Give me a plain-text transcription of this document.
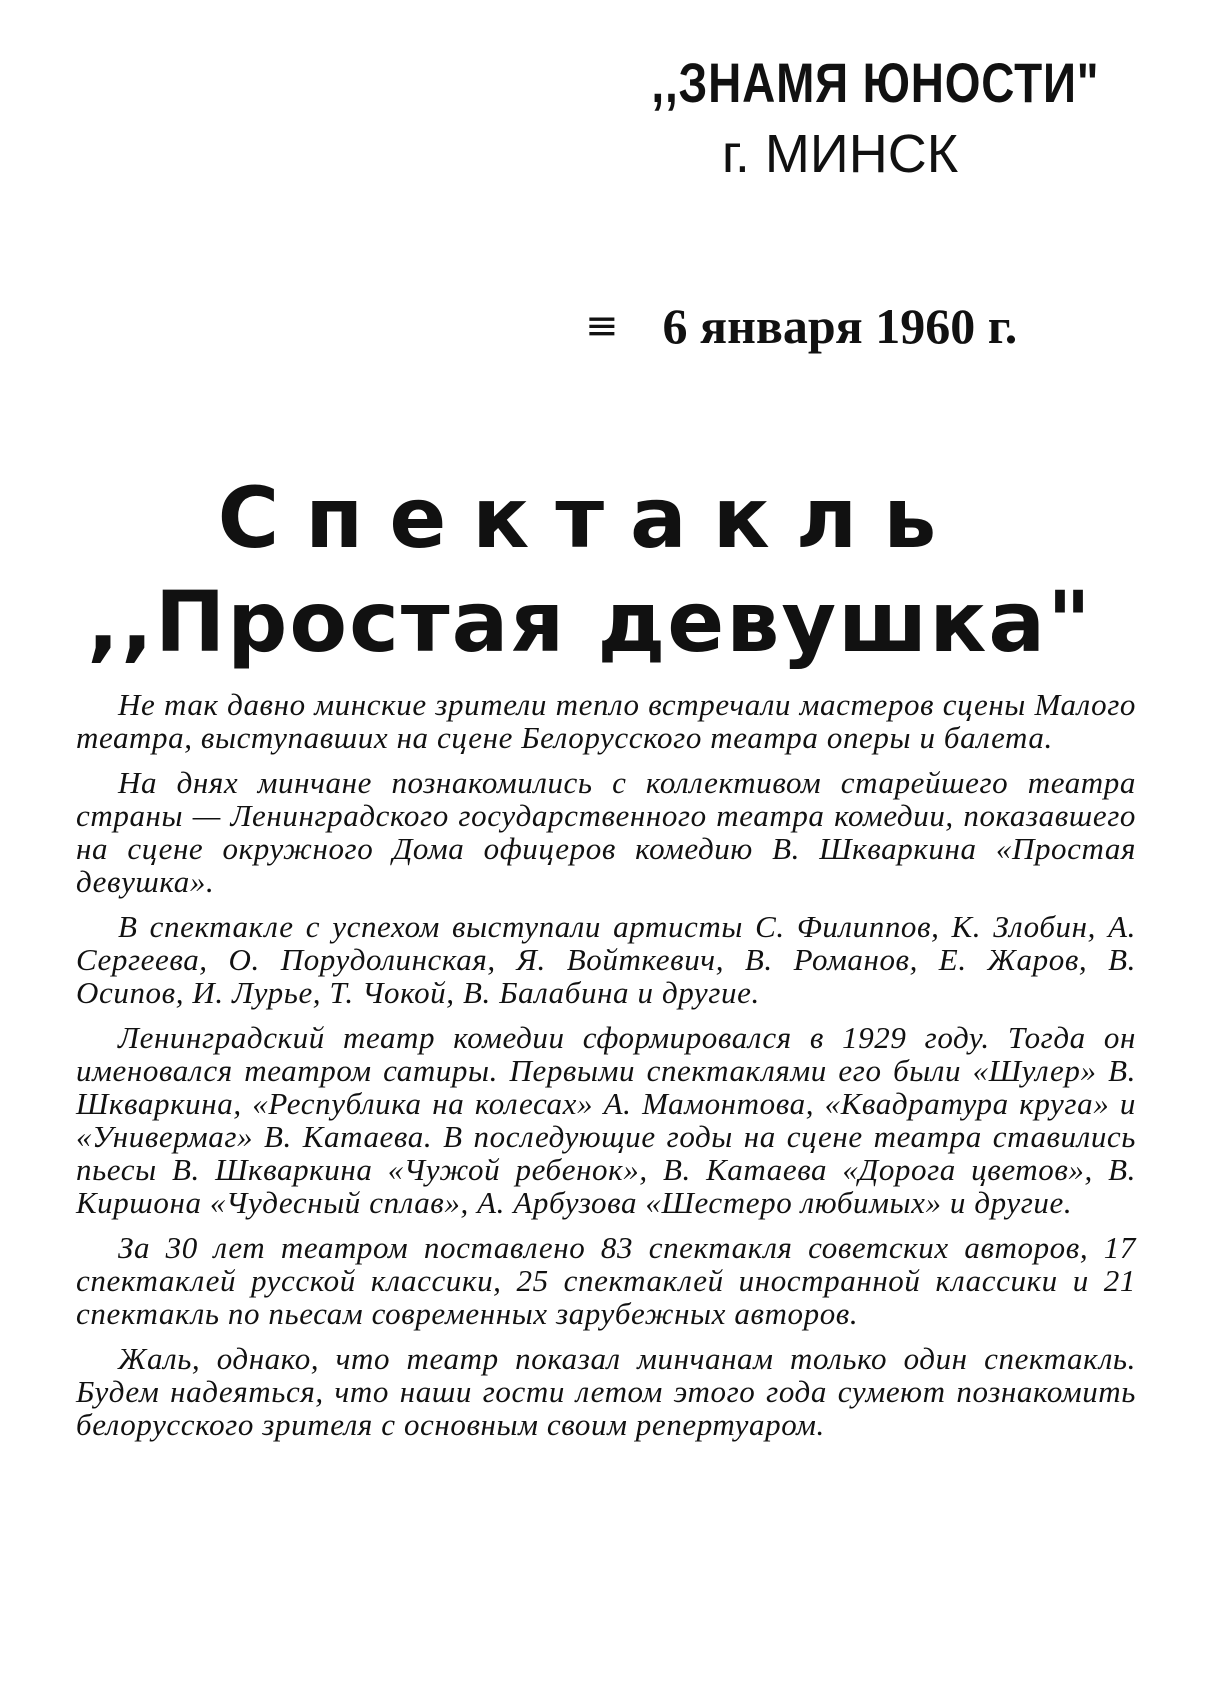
,,ЗНАМЯ ЮНОСТИ"
г. МИНСК
≡ 6 января 1960 г.
Спектакль
,,Простая девушка"

Не так давно минские зрители тепло встречали мастеров сцены Малого театра, выступавших на сцене Белорусского театра оперы и балета.

На днях минчане познакомились с коллективом старейшего театра страны — Ленинградского государственного театра комедии, показавшего на сцене окружного Дома офицеров комедию В. Шкваркина «Простая девушка».

В спектакле с успехом выступали артисты С. Филиппов, К. Злобин, А. Сергеева, О. Порудолинская, Я. Войткевич, В. Романов, Е. Жаров, В. Осипов, И. Лурье, Т. Чокой, В. Балабина и другие.

Ленинградский театр комедии сформировался в 1929 году. Тогда он именовался театром сатиры. Первыми спектаклями его были «Шулер» В. Шкваркина, «Республика на колесах» А. Мамонтова, «Квадратура круга» и «Универмаг» В. Катаева. В последующие годы на сцене театра ставились пьесы В. Шкваркина «Чужой ребенок», В. Катаева «Дорога цветов», В. Киршона «Чудесный сплав», А. Арбузова «Шестеро любимых» и другие.

За 30 лет театром поставлено 83 спектакля советских авторов, 17 спектаклей русской классики, 25 спектаклей иностранной классики и 21 спектакль по пьесам современных зарубежных авторов.

Жаль, однако, что театр показал минчанам только один спектакль. Будем надеяться, что наши гости летом этого года сумеют познакомить белорусского зрителя с основным своим репертуаром.
